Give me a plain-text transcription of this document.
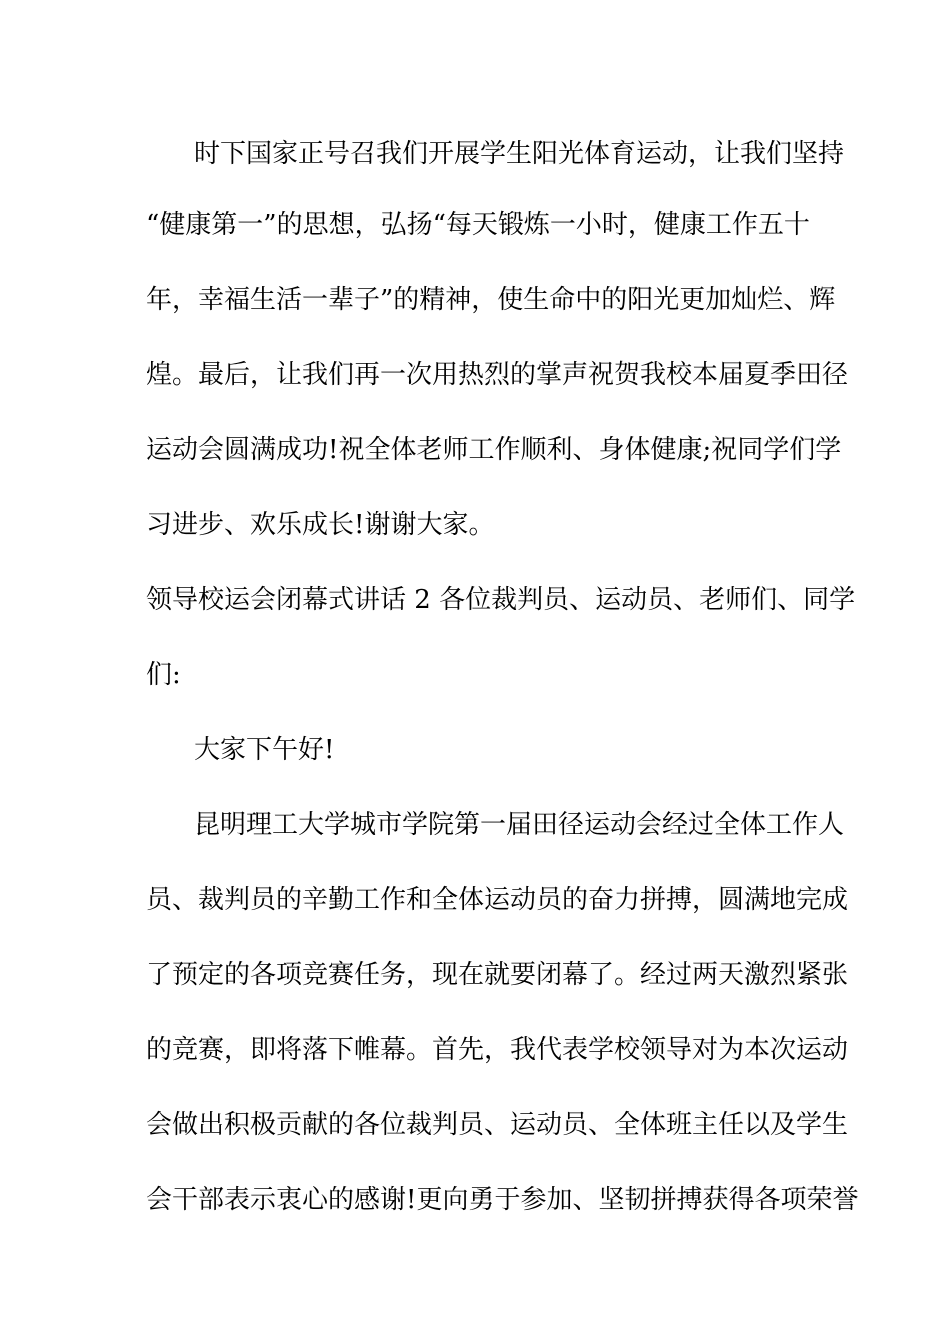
时下国家正号召我们开展学生阳光体育运动，让我们坚持
“健康第一”的思想，弘扬“每天锻炼一小时，健康工作五十
年，幸福生活一辈子”的精神，使生命中的阳光更加灿烂、辉
煌。最后，让我们再一次用热烈的掌声祝贺我校本届夏季田径
运动会圆满成功!祝全体老师工作顺利、身体健康;祝同学们学
习进步、欢乐成长!谢谢大家。
领导校运会闭幕式讲话 2 各位裁判员、运动员、老师们、同学
们:
大家下午好!
昆明理工大学城市学院第一届田径运动会经过全体工作人
员、裁判员的辛勤工作和全体运动员的奋力拼搏，圆满地完成
了预定的各项竞赛任务，现在就要闭幕了。经过两天激烈紧张
的竞赛，即将落下帷幕。首先，我代表学校领导对为本次运动
会做出积极贡献的各位裁判员、运动员、全体班主任以及学生
会干部表示衷心的感谢!更向勇于参加、坚韧拼搏获得各项荣誉
